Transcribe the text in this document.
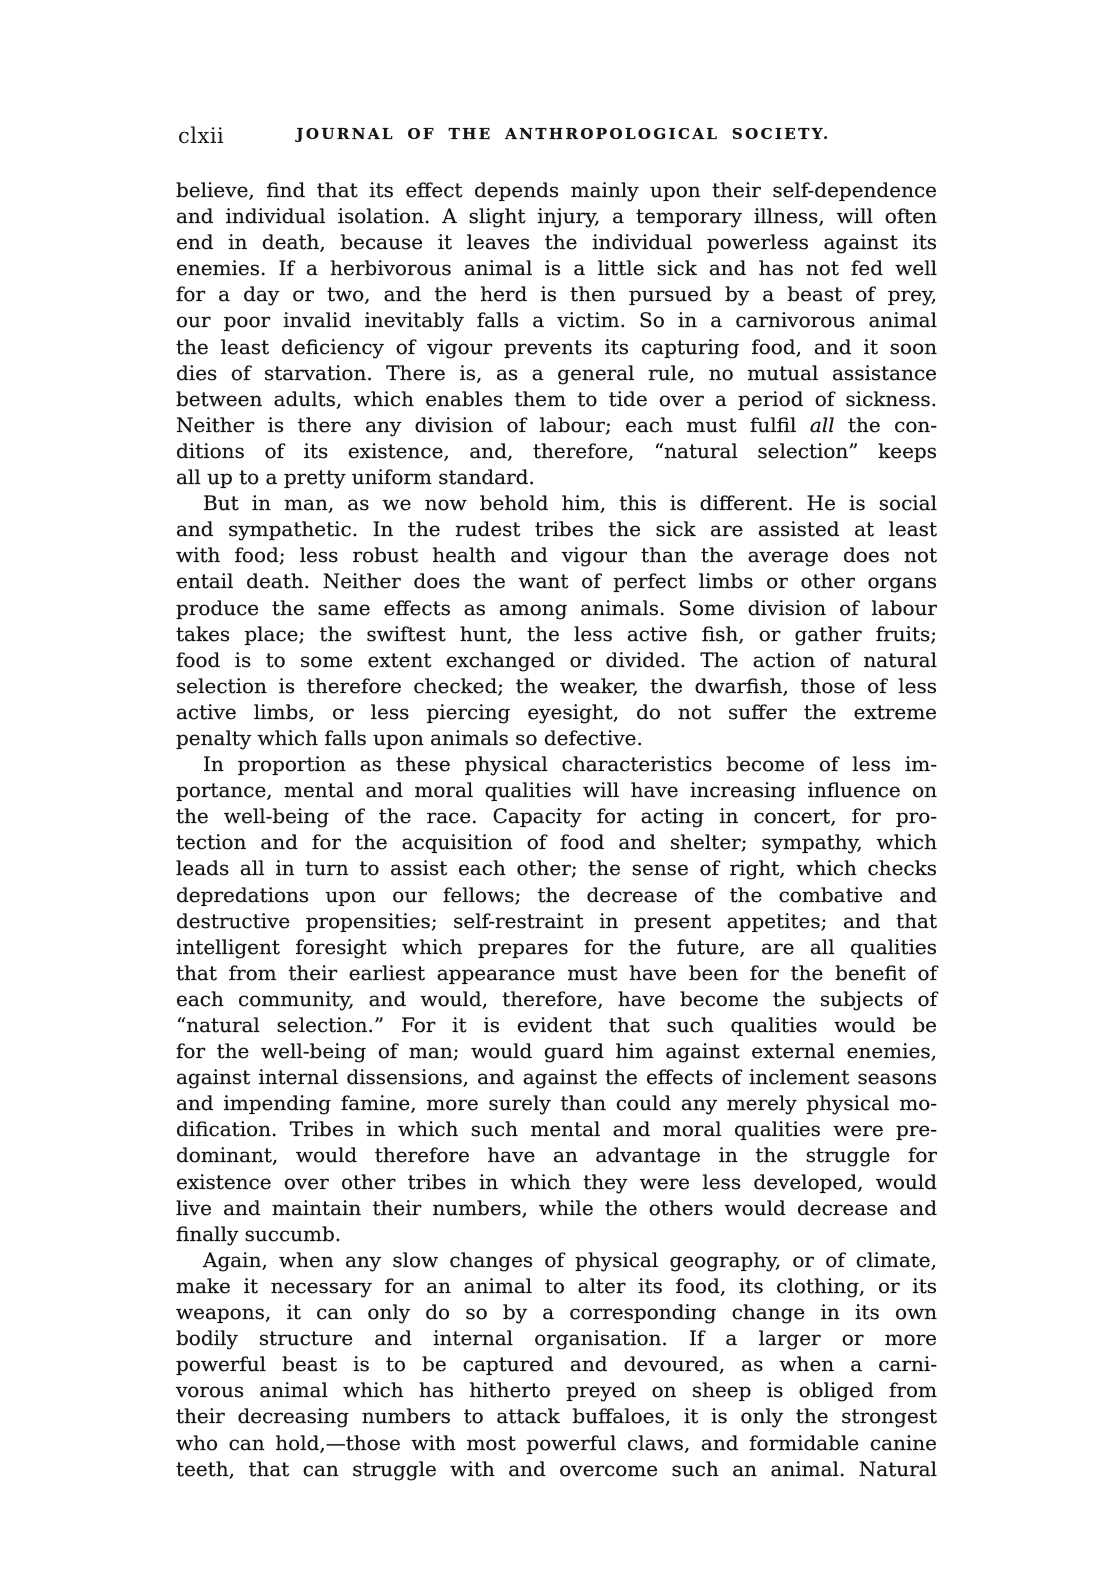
clxii	JOURNAL OF THE ANTHROPOLOGICAL SOCIETY.
believe, find that its effect depends mainly upon their self-dependence
and individual isolation. A slight injury, a temporary illness, will often
end in death, because it leaves the individual powerless against its
enemies. If a herbivorous animal is a little sick and has not fed well
for a day or two, and the herd is then pursued by a beast of prey,
our poor invalid inevitably falls a victim. So in a carnivorous animal
the least deficiency of vigour prevents its capturing food, and it soon
dies of starvation. There is, as a general rule, no mutual assistance
between adults, which enables them to tide over a period of sickness.
Neither is there any division of labour; each must fulfil all the con-
ditions of its existence, and, therefore, “natural selection” keeps
all up to a pretty uniform standard.
But in man, as we now behold him, this is different. He is social
and sympathetic. In the rudest tribes the sick are assisted at least
with food; less robust health and vigour than the average does not
entail death. Neither does the want of perfect limbs or other organs
produce the same effects as among animals. Some division of labour
takes place; the swiftest hunt, the less active fish, or gather fruits;
food is to some extent exchanged or divided. The action of natural
selection is therefore checked; the weaker, the dwarfish, those of less
active limbs, or less piercing eyesight, do not suffer the extreme
penalty which falls upon animals so defective.
In proportion as these physical characteristics become of less im-
portance, mental and moral qualities will have increasing influence on
the well-being of the race. Capacity for acting in concert, for pro-
tection and for the acquisition of food and shelter; sympathy, which
leads all in turn to assist each other; the sense of right, which checks
depredations upon our fellows; the decrease of the combative and
destructive propensities; self-restraint in present appetites; and that
intelligent foresight which prepares for the future, are all qualities
that from their earliest appearance must have been for the benefit of
each community, and would, therefore, have become the subjects of
“natural selection.” For it is evident that such qualities would be
for the well-being of man; would guard him against external enemies,
against internal dissensions, and against the effects of inclement seasons
and impending famine, more surely than could any merely physical mo-
dification. Tribes in which such mental and moral qualities were pre-
dominant, would therefore have an advantage in the struggle for
existence over other tribes in which they were less developed, would
live and maintain their numbers, while the others would decrease and
finally succumb.
Again, when any slow changes of physical geography, or of climate,
make it necessary for an animal to alter its food, its clothing, or its
weapons, it can only do so by a corresponding change in its own
bodily structure and internal organisation. If a larger or more
powerful beast is to be captured and devoured, as when a carni-
vorous animal which has hitherto preyed on sheep is obliged from
their decreasing numbers to attack buffaloes, it is only the strongest
who can hold,—those with most powerful claws, and formidable canine
teeth, that can struggle with and overcome such an animal. Natural
